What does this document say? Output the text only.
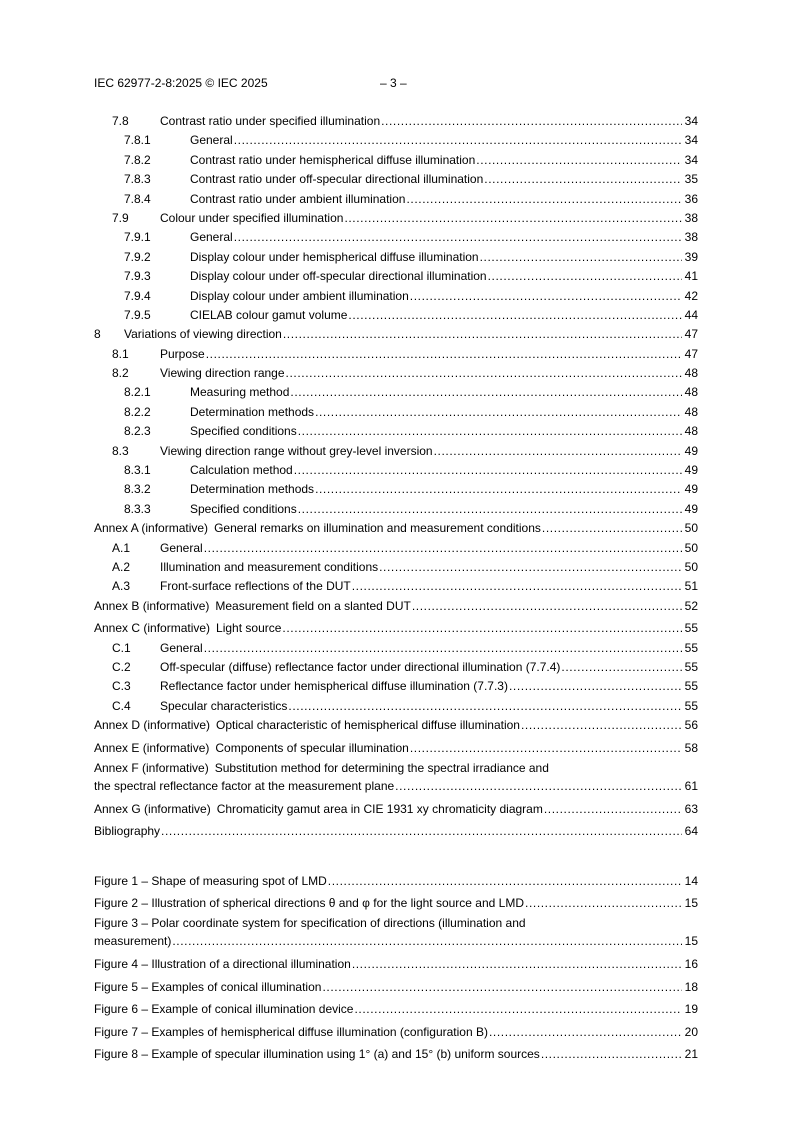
IEC 62977-2-8:2025 © IEC 2025	– 3 –
7.8	Contrast ratio under specified illumination .....	34
7.8.1	General .....	34
7.8.2	Contrast ratio under hemispherical diffuse illumination .....	34
7.8.3	Contrast ratio under off-specular directional illumination .....	35
7.8.4	Contrast ratio under ambient illumination .....	36
7.9	Colour under specified illumination .....	38
7.9.1	General .....	38
7.9.2	Display colour under hemispherical diffuse illumination .....	39
7.9.3	Display colour under off-specular directional illumination .....	41
7.9.4	Display colour under ambient illumination .....	42
7.9.5	CIELAB colour gamut volume .....	44
8	Variations of viewing direction .....	47
8.1	Purpose .....	47
8.2	Viewing direction range .....	48
8.2.1	Measuring method .....	48
8.2.2	Determination methods .....	48
8.2.3	Specified conditions .....	48
8.3	Viewing direction range without grey-level inversion .....	49
8.3.1	Calculation method .....	49
8.3.2	Determination methods .....	49
8.3.3	Specified conditions .....	49
Annex A (informative) General remarks on illumination and measurement conditions .....	50
A.1	General .....	50
A.2	Illumination and measurement conditions .....	50
A.3	Front-surface reflections of the DUT .....	51
Annex B (informative) Measurement field on a slanted DUT .....	52
Annex C (informative) Light source .....	55
C.1	General .....	55
C.2	Off-specular (diffuse) reflectance factor under directional illumination (7.7.4) .....	55
C.3	Reflectance factor under hemispherical diffuse illumination (7.7.3) .....	55
C.4	Specular characteristics .....	55
Annex D (informative) Optical characteristic of hemispherical diffuse illumination .....	56
Annex E (informative) Components of specular illumination .....	58
Annex F (informative) Substitution method for determining the spectral irradiance and
the spectral reflectance factor at the measurement plane .....	61
Annex G (informative) Chromaticity gamut area in CIE 1931 xy chromaticity diagram .....	63
Bibliography .....	64
Figure 1 – Shape of measuring spot of LMD .....	14
Figure 2 – Illustration of spherical directions θ and φ for the light source and LMD .....	15
Figure 3 – Polar coordinate system for specification of directions (illumination and
measurement) .....	15
Figure 4 – Illustration of a directional illumination .....	16
Figure 5 – Examples of conical illumination .....	18
Figure 6 – Example of conical illumination device .....	19
Figure 7 – Examples of hemispherical diffuse illumination (configuration B) .....	20
Figure 8 – Example of specular illumination using 1° (a) and 15° (b) uniform sources .....	21
